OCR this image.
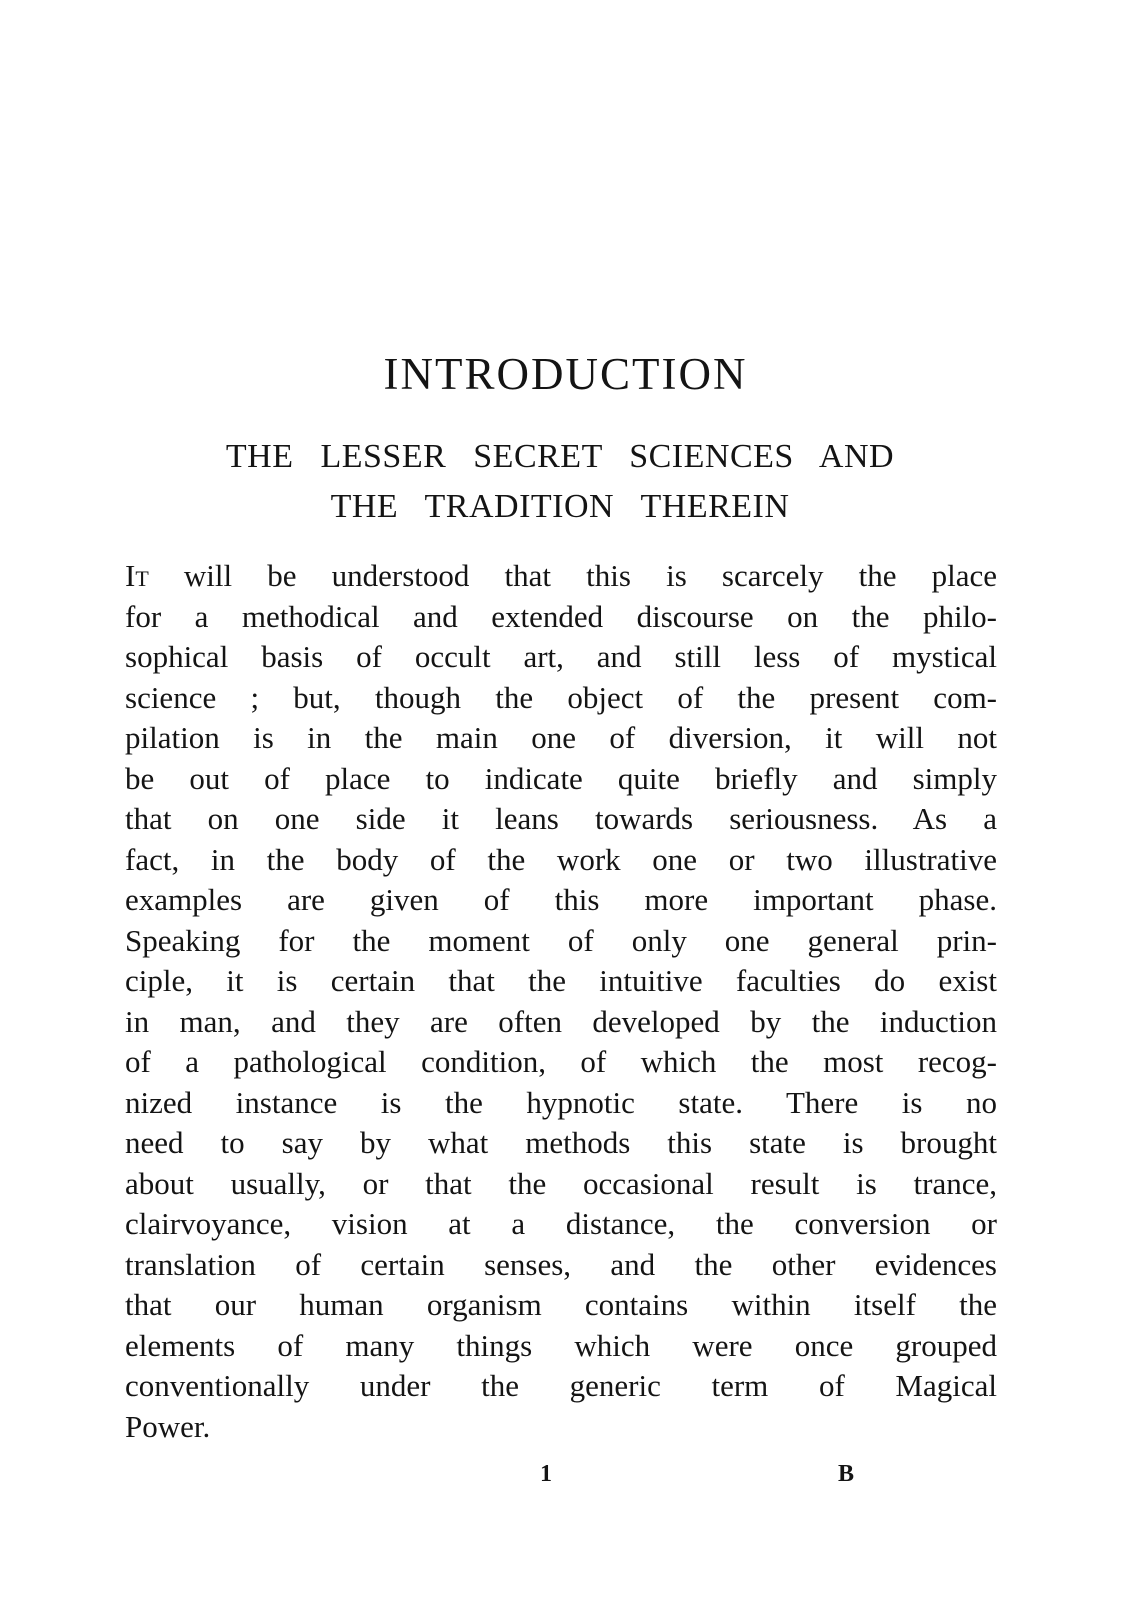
INTRODUCTION
THE LESSER SECRET SCIENCES AND
THE TRADITION THEREIN
It will be understood that this is scarcely the place
for a methodical and extended discourse on the philo-
sophical basis of occult art, and still less of mystical
science ; but, though the object of the present com-
pilation is in the main one of diversion, it will not
be out of place to indicate quite briefly and simply
that on one side it leans towards seriousness. As a
fact, in the body of the work one or two illustrative
examples are given of this more important phase.
Speaking for the moment of only one general prin-
ciple, it is certain that the intuitive faculties do exist
in man, and they are often developed by the induction
of a pathological condition, of which the most recog-
nized instance is the hypnotic state. There is no
need to say by what methods this state is brought
about usually, or that the occasional result is trance,
clairvoyance, vision at a distance, the conversion or
translation of certain senses, and the other evidences
that our human organism contains within itself the
elements of many things which were once grouped
conventionally under the generic term of Magical
Power.
1	B
